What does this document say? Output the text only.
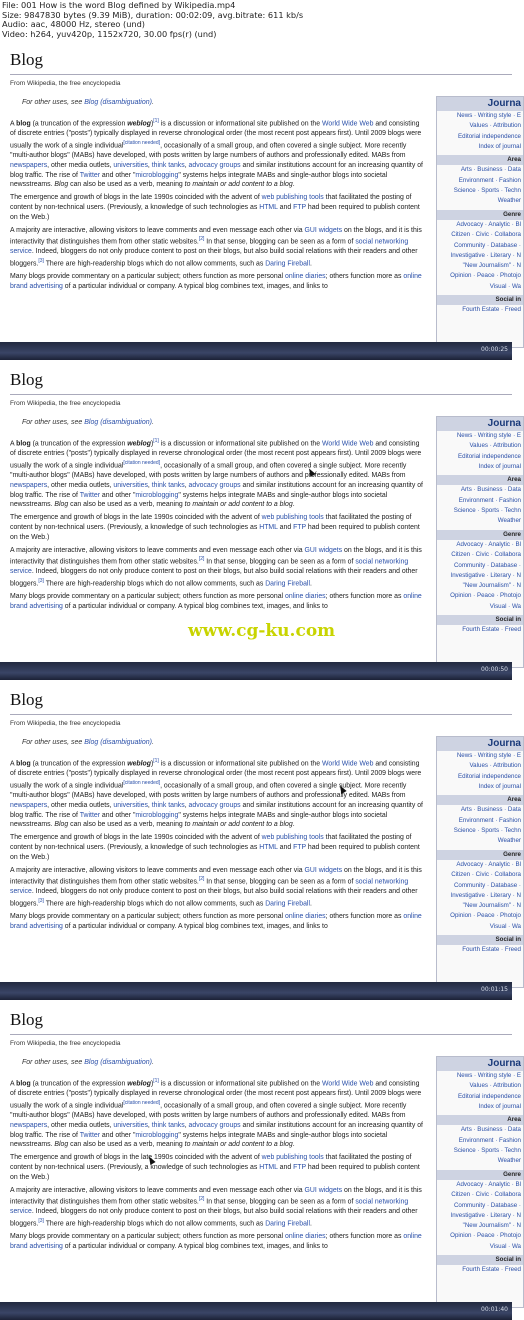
File: 001 How is the word Blog defined by Wikipedia.mp4
Size: 9847830 bytes (9.39 MiB), duration: 00:02:09, avg.bitrate: 611 kb/s
Audio: aac, 48000 Hz, stereo (und)
Video: h264, yuv420p, 1152x720, 30.00 fps(r) (und)
Blog
From Wikipedia, the free encyclopedia
For other uses, see Blog (disambiguation).

A blog (a truncation of the expression weblog)[1] is a discussion or informational site published on the World Wide Web and consisting of discrete entries ("posts") typically displayed in reverse chronological order (the most recent post appears first). Until 2009 blogs were usually the work of a single individual[citation needed], occasionally of a small group, and often covered a single subject. More recently "multi-author blogs" (MABs) have developed, with posts written by large numbers of authors and professionally edited. MABs from newspapers, other media outlets, universities, think tanks, advocacy groups and similar institutions account for an increasing quantity of blog traffic. The rise of Twitter and other "microblogging" systems helps integrate MABs and single-author blogs into societal newsstreams. Blog can also be used as a verb, meaning to maintain or add content to a blog.

The emergence and growth of blogs in the late 1990s coincided with the advent of web publishing tools that facilitated the posting of content by non-technical users. (Previously, a knowledge of such technologies as HTML and FTP had been required to publish content on the Web.)

A majority are interactive, allowing visitors to leave comments and even message each other via GUI widgets on the blogs, and it is this interactivity that distinguishes them from other static websites.[2] In that sense, blogging can be seen as a form of social networking service. Indeed, bloggers do not only produce content to post on their blogs, but also build social relations with their readers and other bloggers.[3] There are high-readership blogs which do not allow comments, such as Daring Fireball.

Many blogs provide commentary on a particular subject; others function as more personal online diaries; others function more as online brand advertising of a particular individual or company. A typical blog combines text, images, and links to

Journa
News · Writing style · E
Values · Attribution
Editorial independence
Index of journal
Area
Arts · Business · Data
Environment · Fashion
Science · Sports · Techn
Weather
Genre
Advocacy · Analytic · Bl
Citizen · Civic · Collabora
Community · Database ·
Investigative · Literary · N
"New Journalism" · N
Opinion · Peace · Photojo
Visual · Wa
Social in
Fourth Estate · Freed
00:00:25
Blog
From Wikipedia, the free encyclopedia
For other uses, see Blog (disambiguation).

A blog (a truncation of the expression weblog)[1] is a discussion or informational site published on the World Wide Web and consisting of discrete entries ("posts") typically displayed in reverse chronological order (the most recent post appears first). Until 2009 blogs were usually the work of a single individual[citation needed], occasionally of a small group, and often covered a single subject. More recently "multi-author blogs" (MABs) have developed, with posts written by large numbers of authors and professionally edited. MABs from newspapers, other media outlets, universities, think tanks, advocacy groups and similar institutions account for an increasing quantity of blog traffic. The rise of Twitter and other "microblogging" systems helps integrate MABs and single-author blogs into societal newsstreams. Blog can also be used as a verb, meaning to maintain or add content to a blog.

The emergence and growth of blogs in the late 1990s coincided with the advent of web publishing tools that facilitated the posting of content by non-technical users. (Previously, a knowledge of such technologies as HTML and FTP had been required to publish content on the Web.)

A majority are interactive, allowing visitors to leave comments and even message each other via GUI widgets on the blogs, and it is this interactivity that distinguishes them from other static websites.[2] In that sense, blogging can be seen as a form of social networking service. Indeed, bloggers do not only produce content to post on their blogs, but also build social relations with their readers and other bloggers.[3] There are high-readership blogs which do not allow comments, such as Daring Fireball.

Many blogs provide commentary on a particular subject; others function as more personal online diaries; others function more as online brand advertising of a particular individual or company. A typical blog combines text, images, and links to

Journa
News · Writing style · E
Values · Attribution
Editorial independence
Index of journal
Area
Arts · Business · Data
Environment · Fashion
Science · Sports · Techn
Weather
Genre
Advocacy · Analytic · Bl
Citizen · Civic · Collabora
Community · Database ·
Investigative · Literary · N
"New Journalism" · N
Opinion · Peace · Photojo
Visual · Wa
Social in
Fourth Estate · Freed
00:00:50
www.cg-ku.com
Blog
From Wikipedia, the free encyclopedia
For other uses, see Blog (disambiguation).

A blog (a truncation of the expression weblog)[1] is a discussion or informational site published on the World Wide Web and consisting of discrete entries ("posts") typically displayed in reverse chronological order (the most recent post appears first). Until 2009 blogs were usually the work of a single individual[citation needed], occasionally of a small group, and often covered a single subject. More recently "multi-author blogs" (MABs) have developed, with posts written by large numbers of authors and professionally edited. MABs from newspapers, other media outlets, universities, think tanks, advocacy groups and similar institutions account for an increasing quantity of blog traffic. The rise of Twitter and other "microblogging" systems helps integrate MABs and single-author blogs into societal newsstreams. Blog can also be used as a verb, meaning to maintain or add content to a blog.

The emergence and growth of blogs in the late 1990s coincided with the advent of web publishing tools that facilitated the posting of content by non-technical users. (Previously, a knowledge of such technologies as HTML and FTP had been required to publish content on the Web.)

A majority are interactive, allowing visitors to leave comments and even message each other via GUI widgets on the blogs, and it is this interactivity that distinguishes them from other static websites.[2] In that sense, blogging can be seen as a form of social networking service. Indeed, bloggers do not only produce content to post on their blogs, but also build social relations with their readers and other bloggers.[3] There are high-readership blogs which do not allow comments, such as Daring Fireball.

Many blogs provide commentary on a particular subject; others function as more personal online diaries; others function more as online brand advertising of a particular individual or company. A typical blog combines text, images, and links to

Journa
News · Writing style · E
Values · Attribution
Editorial independence
Index of journal
Area
Arts · Business · Data
Environment · Fashion
Science · Sports · Techn
Weather
Genre
Advocacy · Analytic · Bl
Citizen · Civic · Collabora
Community · Database ·
Investigative · Literary · N
"New Journalism" · N
Opinion · Peace · Photojo
Visual · Wa
Social in
Fourth Estate · Freed
00:01:15
Blog
From Wikipedia, the free encyclopedia
For other uses, see Blog (disambiguation).

A blog (a truncation of the expression weblog)[1] is a discussion or informational site published on the World Wide Web and consisting of discrete entries ("posts") typically displayed in reverse chronological order (the most recent post appears first). Until 2009 blogs were usually the work of a single individual[citation needed], occasionally of a small group, and often covered a single subject. More recently "multi-author blogs" (MABs) have developed, with posts written by large numbers of authors and professionally edited. MABs from newspapers, other media outlets, universities, think tanks, advocacy groups and similar institutions account for an increasing quantity of blog traffic. The rise of Twitter and other "microblogging" systems helps integrate MABs and single-author blogs into societal newsstreams. Blog can also be used as a verb, meaning to maintain or add content to a blog.

The emergence and growth of blogs in the late 1990s coincided with the advent of web publishing tools that facilitated the posting of content by non-technical users. (Previously, a knowledge of such technologies as HTML and FTP had been required to publish content on the Web.)

A majority are interactive, allowing visitors to leave comments and even message each other via GUI widgets on the blogs, and it is this interactivity that distinguishes them from other static websites.[2] In that sense, blogging can be seen as a form of social networking service. Indeed, bloggers do not only produce content to post on their blogs, but also build social relations with their readers and other bloggers.[3] There are high-readership blogs which do not allow comments, such as Daring Fireball.

Many blogs provide commentary on a particular subject; others function as more personal online diaries; others function more as online brand advertising of a particular individual or company. A typical blog combines text, images, and links to

Journa
News · Writing style · E
Values · Attribution
Editorial independence
Index of journal
Area
Arts · Business · Data
Environment · Fashion
Science · Sports · Techn
Weather
Genre
Advocacy · Analytic · Bl
Citizen · Civic · Collabora
Community · Database ·
Investigative · Literary · N
"New Journalism" · N
Opinion · Peace · Photojo
Visual · Wa
Social in
Fourth Estate · Freed
00:01:40
